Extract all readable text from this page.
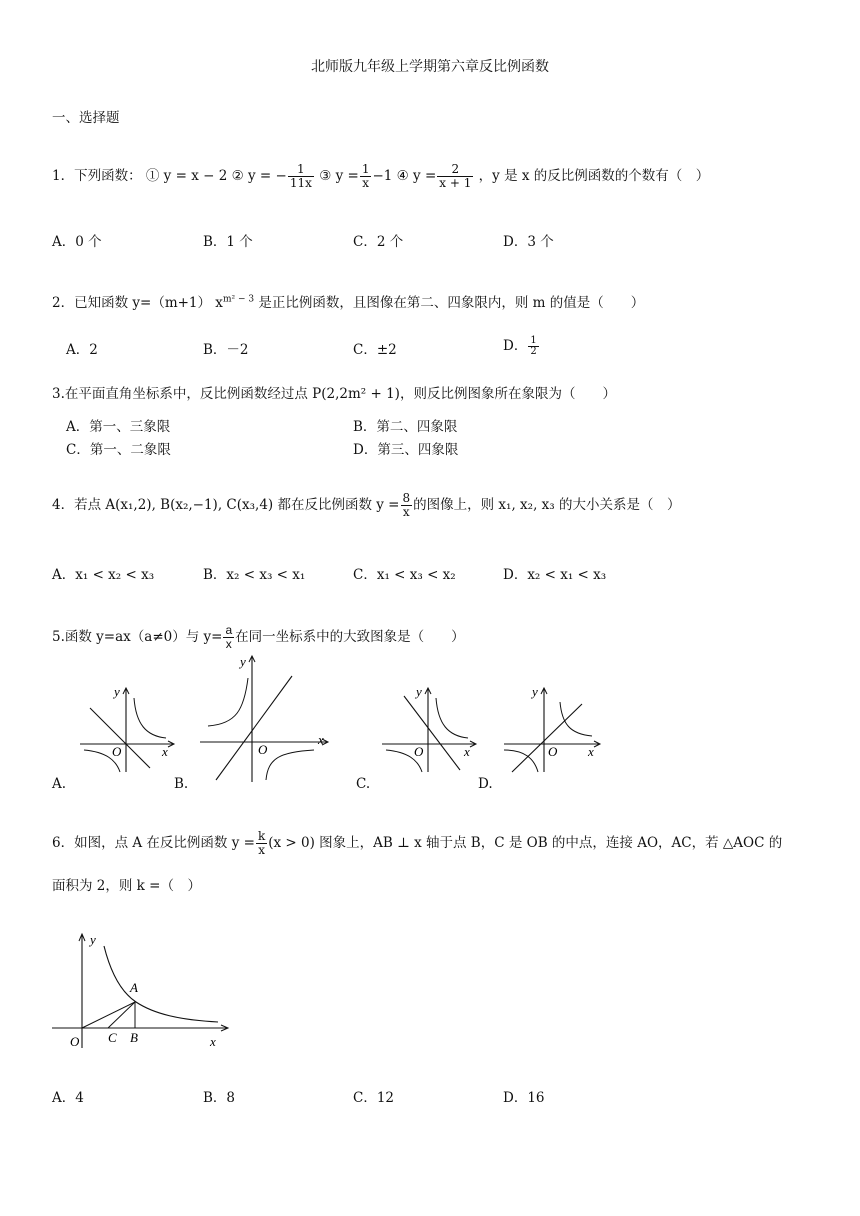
北师版九年级上学期第六章反比例函数
一、选择题
1．下列函数： ① y = x − 2 ② y = − $\frac{1}{11x}$ ③ $y = \frac{1}{x} -1$ ④ $y = \frac{2}{x + 1}$ ，y 是 x 的反比例函数的个数有（　）
A．0 个	B．1 个	C．2 个	D．3 个
2．已知函数 y=（m+1） $x^{m^2 - 3}$ 是正比例函数，且图像在第二、四象限内，则 m 的值是（　　）
A．2	B．－2	C．±2	D． $\frac{1}{2}$
3.在平面直角坐标系中，反比例函数经过点 P(2,2m² + 1)，则反比例图象所在象限为（　　）
A．第一、三象限	B．第二、四象限
C．第一、二象限	D．第三、四象限
4．若点 A(x₁,2), B(x₂,−1), C(x₃,4) 都在反比例函数 $y = \frac{8}{x}$ 的图像上，则 x₁, x₂, x₃ 的大小关系是（　）
A．x₁ < x₂ < x₃	B．x₂ < x₃ < x₁	C．x₁ < x₃ < x₂	D．x₂ < x₁ < x₃
5.函数 y=ax（a≠0）与 $y= \frac{a}{x}$ 在同一坐标系中的大致图象是（　　）
y
x
O
A.
y
x
O
B.
y
x
O
C.
y
x
O
D.
6．如图，点 A 在反比例函数 $y = \frac{k}{x} (x > 0)$ 图象上，AB ⊥ x 轴于点 B，C 是 OB 的中点，连接 AO，AC，若 △AOC 的
面积为 2，则 k =（　）
y
A
O C B	x
A．4	B．8	C．12	D．16
